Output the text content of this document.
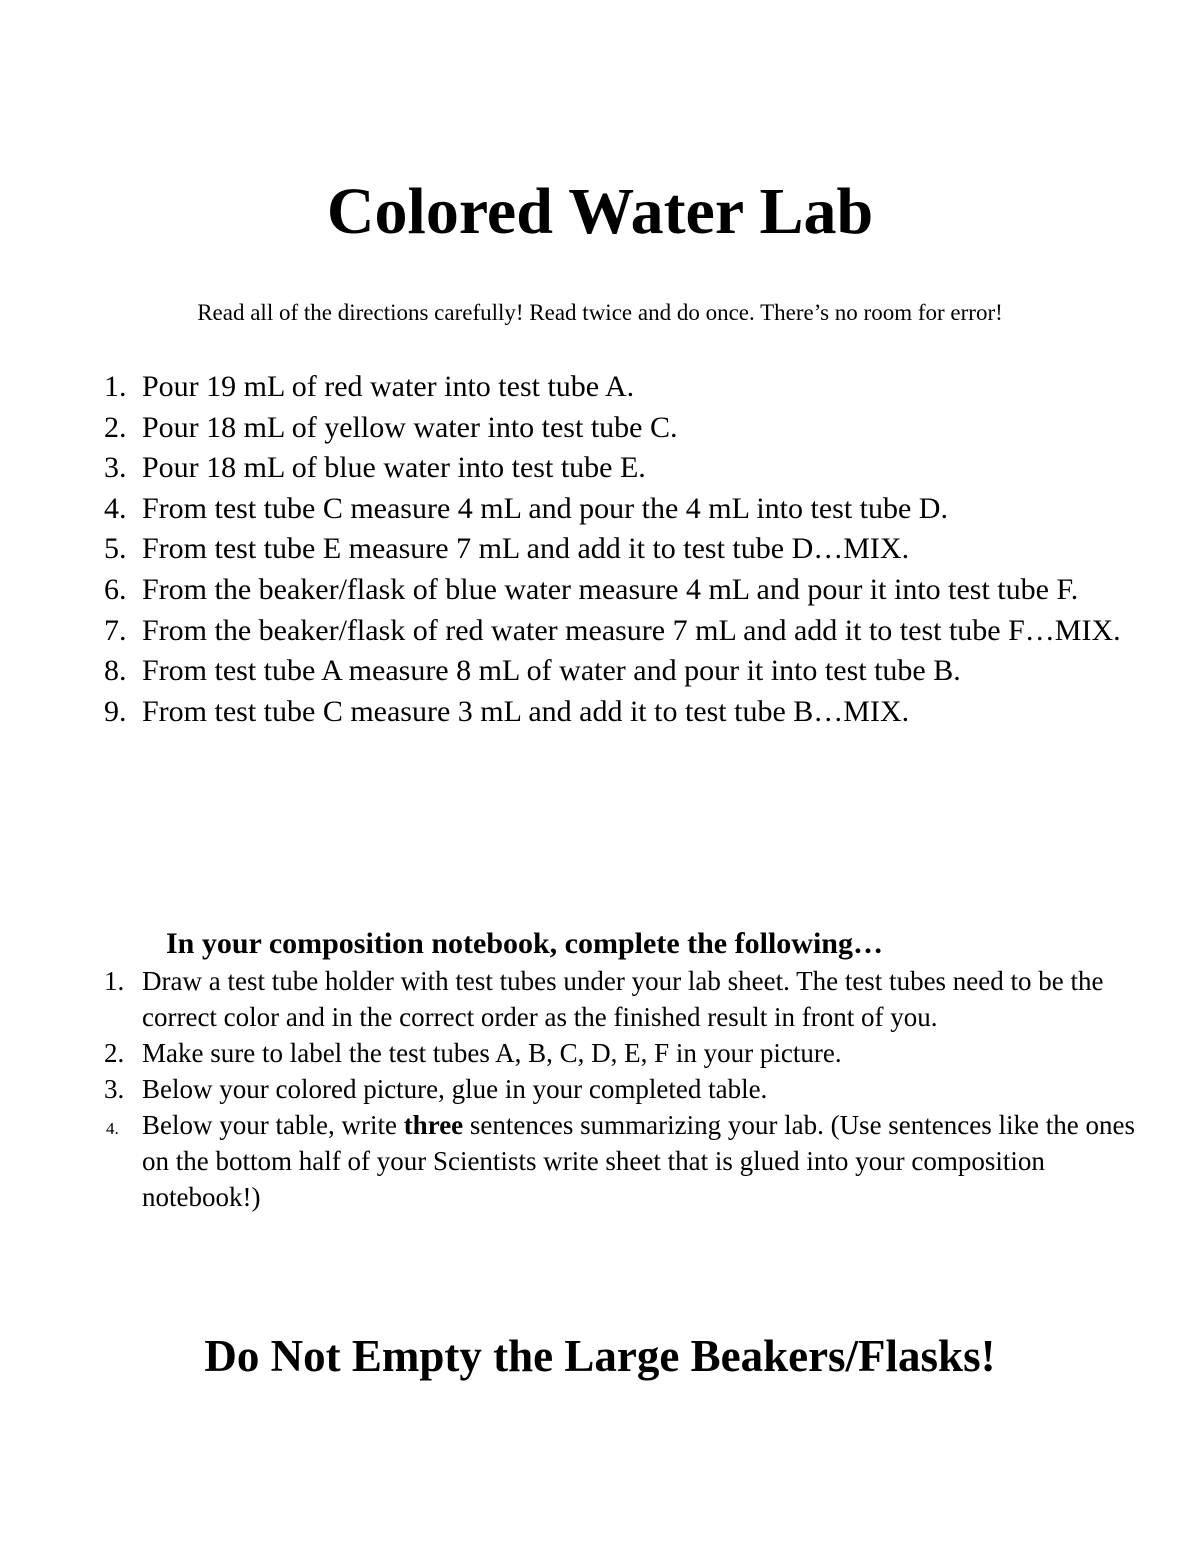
Colored Water Lab

Read all of the directions carefully! Read twice and do once. There’s no room for error!

1. Pour 19 mL of red water into test tube A.
2. Pour 18 mL of yellow water into test tube C.
3. Pour 18 mL of blue water into test tube E.
4. From test tube C measure 4 mL and pour the 4 mL into test tube D.
5. From test tube E measure 7 mL and add it to test tube D…MIX.
6. From the beaker/flask of blue water measure 4 mL and pour it into test tube F.
7. From the beaker/flask of red water measure 7 mL and add it to test tube F…MIX.
8. From test tube A measure 8 mL of water and pour it into test tube B.
9. From test tube C measure 3 mL and add it to test tube B…MIX.
In your composition notebook, complete the following…
1. Draw a test tube holder with test tubes under your lab sheet. The test tubes need to be the correct color and in the correct order as the finished result in front of you.
2. Make sure to label the test tubes A, B, C, D, E, F in your picture.
3. Below your colored picture, glue in your completed table.
4. Below your table, write three sentences summarizing your lab. (Use sentences like the ones on the bottom half of your Scientists write sheet that is glued into your composition notebook!)

Do Not Empty the Large Beakers/Flasks!
